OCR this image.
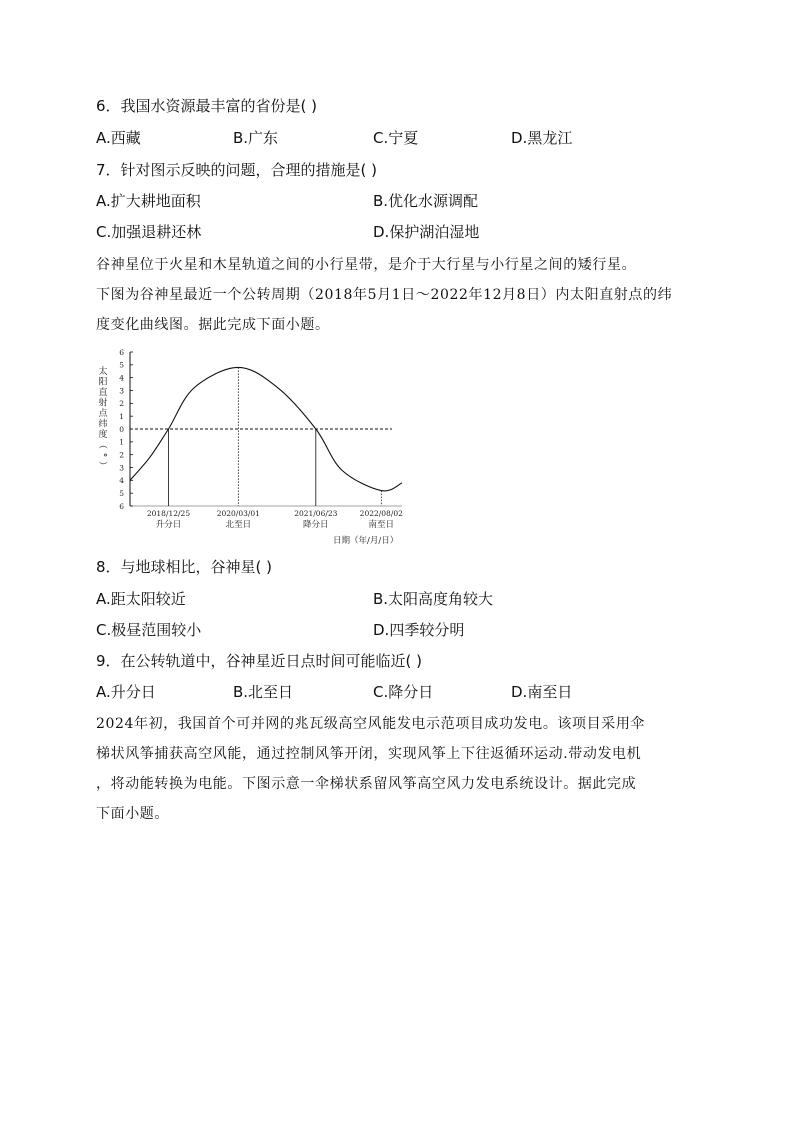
6．我国水资源最丰富的省份是( )
A.西藏	B.广东	C.宁夏	D.黑龙江
7．针对图示反映的问题，合理的措施是( )
A.扩大耕地面积	B.优化水源调配
C.加强退耕还林	D.保护湖泊湿地

谷神星位于火星和木星轨道之间的小行星带，是介于大行星与小行星之间的矮行星。

下图为谷神星最近一个公转周期（2018年5月1日～2022年12月8日）内太阳直射点的纬

度变化曲线图。据此完成下面小题。

太
阳
直
射
点
纬
度
（
°
）
6
5
4
3
2
1
0
1
2
3
4
5
6
2018/12/25
升分日
2020/03/01
北至日
2021/06/23
降分日
2022/08/02
南至日
日期（年/月/日）
8．与地球相比，谷神星( )
A.距太阳较近	B.太阳高度角较大
C.极昼范围较小	D.四季较分明
9．在公转轨道中，谷神星近日点时间可能临近( )
A.升分日	B.北至日	C.降分日	D.南至日

2024年初，我国首个可并网的兆瓦级高空风能发电示范项目成功发电。该项目采用伞

梯状风筝捕获高空风能，通过控制风筝开闭，实现风筝上下往返循环运动.带动发电机

，将动能转换为电能。下图示意一伞梯状系留风筝高空风力发电系统设计。据此完成

下面小题。
